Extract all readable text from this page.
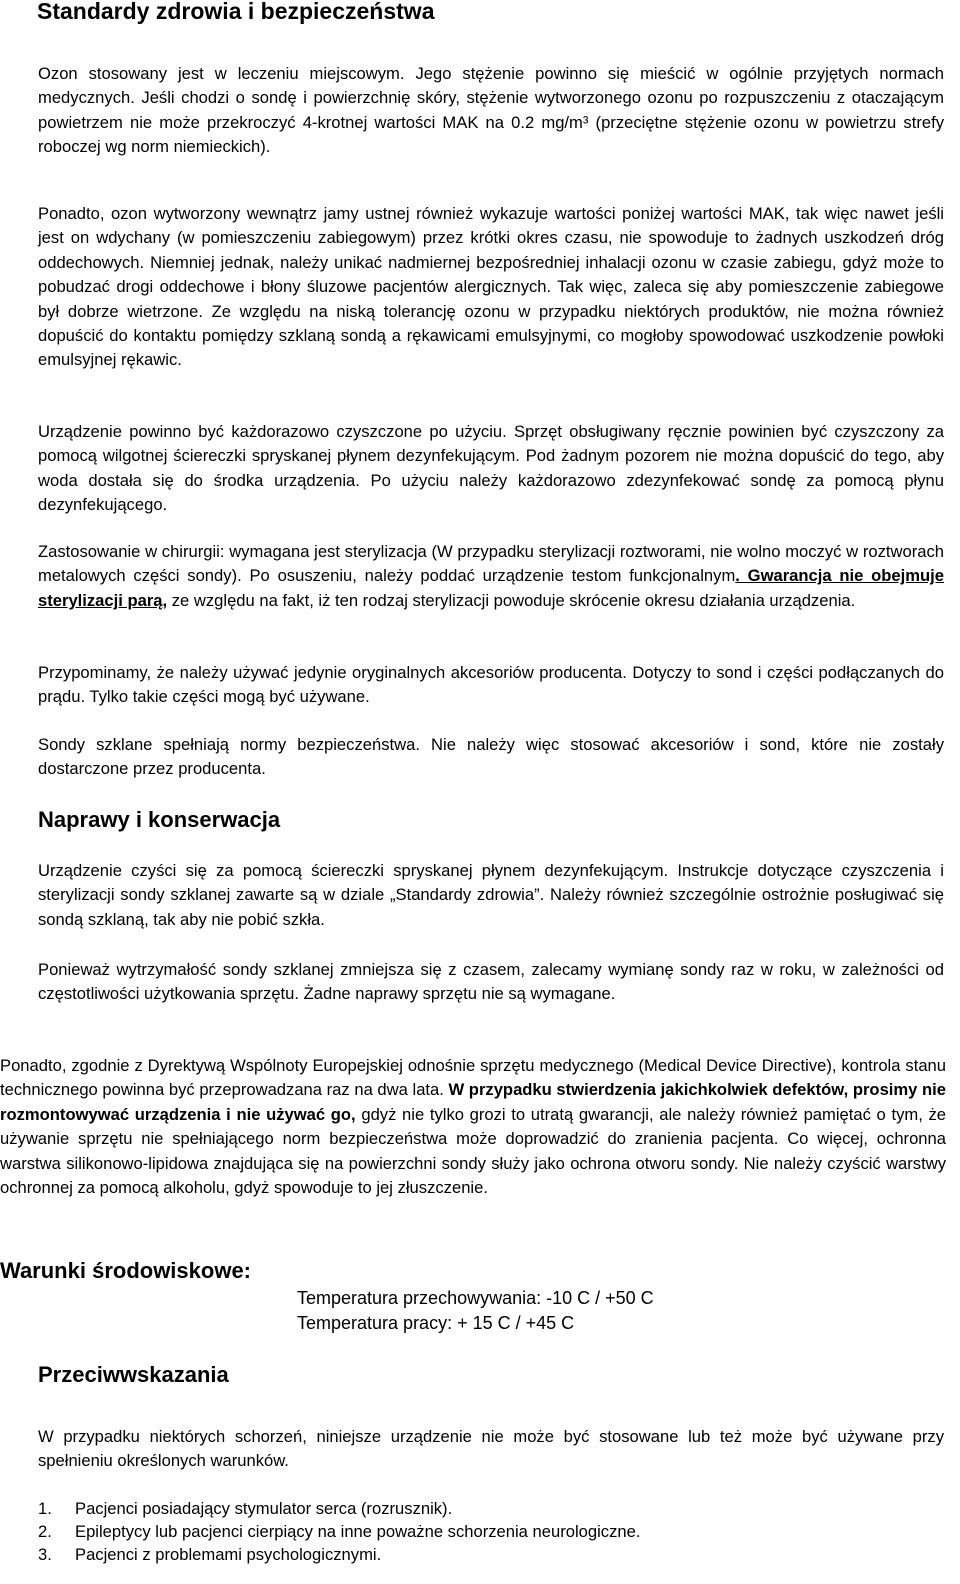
Standardy zdrowia i bezpieczeństwa

Ozon stosowany jest w leczeniu miejscowym. Jego stężenie powinno się mieścić w ogólnie przyjętych normach medycznych. Jeśli chodzi o sondę i powierzchnię skóry, stężenie wytworzonego ozonu po rozpuszczeniu z otaczającym powietrzem nie może przekroczyć 4-krotnej wartości MAK na 0.2 mg/m³ (przeciętne stężenie ozonu w powietrzu strefy roboczej wg norm niemieckich).

Ponadto, ozon wytworzony wewnątrz jamy ustnej również wykazuje wartości poniżej wartości MAK, tak więc nawet jeśli jest on wdychany (w pomieszczeniu zabiegowym) przez krótki okres czasu, nie spowoduje to żadnych uszkodzeń dróg oddechowych. Niemniej jednak, należy unikać nadmiernej bezpośredniej inhalacji ozonu w czasie zabiegu, gdyż może to pobudzać drogi oddechowe i błony śluzowe pacjentów alergicznych. Tak więc, zaleca się aby pomieszczenie zabiegowe był dobrze wietrzone. Ze względu na niską tolerancję ozonu w przypadku niektórych produktów, nie można również dopuścić do kontaktu pomiędzy szklaną sondą a rękawicami emulsyjnymi, co mogłoby spowodować uszkodzenie powłoki emulsyjnej rękawic.

Urządzenie powinno być każdorazowo czyszczone po użyciu. Sprzęt obsługiwany ręcznie powinien być czyszczony za pomocą wilgotnej ściereczki spryskanej płynem dezynfekującym. Pod żadnym pozorem nie można dopuścić do tego, aby woda dostała się do środka urządzenia. Po użyciu należy każdorazowo zdezynfekować sondę za pomocą płynu dezynfekującego.

Zastosowanie w chirurgii: wymagana jest sterylizacja (W przypadku sterylizacji roztworami, nie wolno moczyć w roztworach metalowych części sondy). Po osuszeniu, należy poddać urządzenie testom funkcjonalnym. Gwarancja nie obejmuje sterylizacji parą, ze względu na fakt, iż ten rodzaj sterylizacji powoduje skrócenie okresu działania urządzenia.

Przypominamy, że należy używać jedynie oryginalnych akcesoriów producenta. Dotyczy to sond i części podłączanych do prądu. Tylko takie części mogą być używane.

Sondy szklane spełniają normy bezpieczeństwa. Nie należy więc stosować akcesoriów i sond, które nie zostały dostarczone przez producenta.

Naprawy i konserwacja

Urządzenie czyści się za pomocą ściereczki spryskanej płynem dezynfekującym. Instrukcje dotyczące czyszczenia i sterylizacji sondy szklanej zawarte są w dziale „Standardy zdrowia”. Należy również szczególnie ostrożnie posługiwać się sondą szklaną, tak aby nie pobić szkła.

Ponieważ wytrzymałość sondy szklanej zmniejsza się z czasem, zalecamy wymianę sondy raz w roku, w zależności od częstotliwości użytkowania sprzętu. Żadne naprawy sprzętu nie są wymagane.

Ponadto, zgodnie z Dyrektywą Wspólnoty Europejskiej odnośnie sprzętu medycznego (Medical Device Directive), kontrola stanu technicznego powinna być przeprowadzana raz na dwa lata. W przypadku stwierdzenia jakichkolwiek defektów, prosimy nie rozmontowywać urządzenia i nie używać go, gdyż nie tylko grozi to utratą gwarancji, ale należy również pamiętać o tym, że używanie sprzętu nie spełniającego norm bezpieczeństwa może doprowadzić do zranienia pacjenta. Co więcej, ochronna warstwa silikonowo-lipidowa znajdująca się na powierzchni sondy służy jako ochrona otworu sondy. Nie należy czyścić warstwy ochronnej za pomocą alkoholu, gdyż spowoduje to jej złuszczenie.

Warunki środowiskowe:

Temperatura przechowywania: -10 C / +50 C

Temperatura pracy: + 15 C / +45 C

Przeciwwskazania

W przypadku niektórych schorzeń, niniejsze urządzenie nie może być stosowane lub też może być używane przy spełnieniu określonych warunków.

1.	Pacjenci posiadający stymulator serca (rozrusznik).
2.	Epileptycy lub pacjenci cierpiący na inne poważne schorzenia neurologiczne.
3.	Pacjenci z problemami psychologicznymi.
